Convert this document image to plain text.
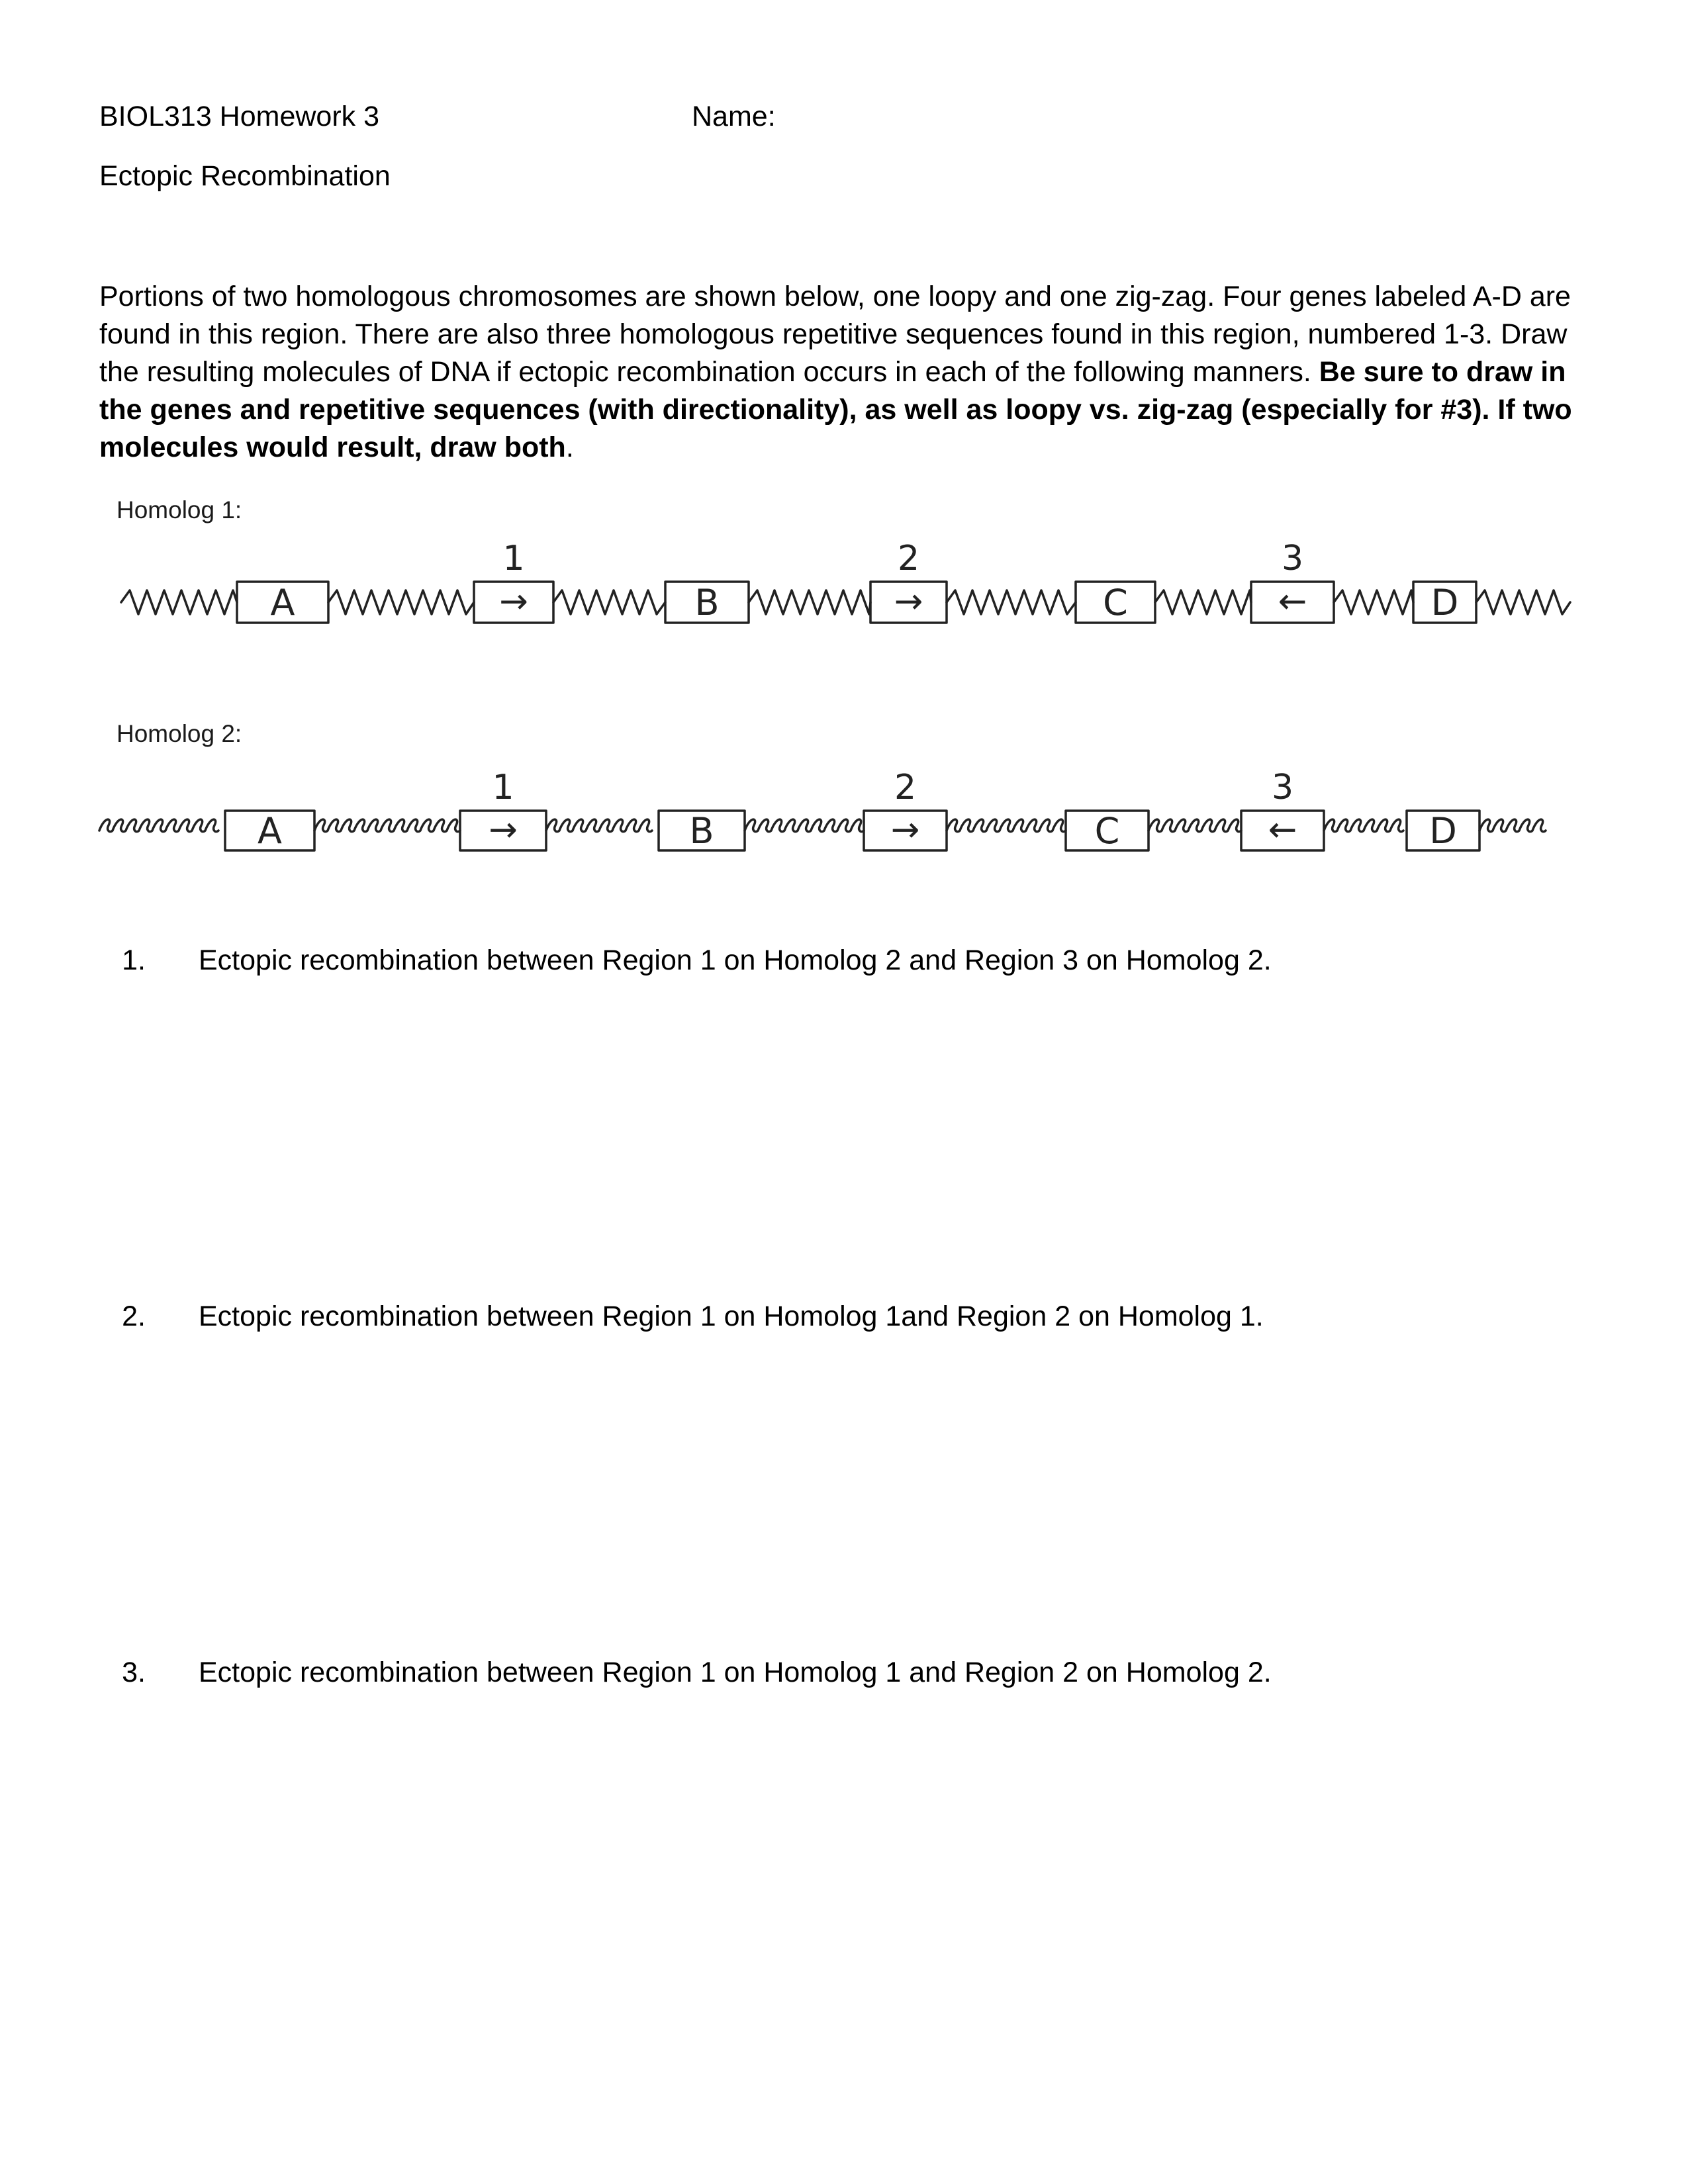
BIOL313 Homework 3	Name:
Ectopic Recombination
Portions of two homologous chromosomes are shown below, one loopy and one zig-zag. Four genes labeled A-D are found in this region. There are also three homologous repetitive sequences found in this region, numbered 1-3. Draw the resulting molecules of DNA if ectopic recombination occurs in each of the following manners. Be sure to draw in the genes and repetitive sequences (with directionality), as well as loopy vs. zig-zag (especially for #3). If two molecules would result, draw both.
Homolog 1:
A	→
1
B	→
2
C	←
3
D
Homolog 2:
A	→
1
B	→
2
C	←
3
D
1. Ectopic recombination between Region 1 on Homolog 2 and Region 3 on Homolog 2.
2. Ectopic recombination between Region 1 on Homolog 1and Region 2 on Homolog 1.
3. Ectopic recombination between Region 1 on Homolog 1 and Region 2 on Homolog 2.
